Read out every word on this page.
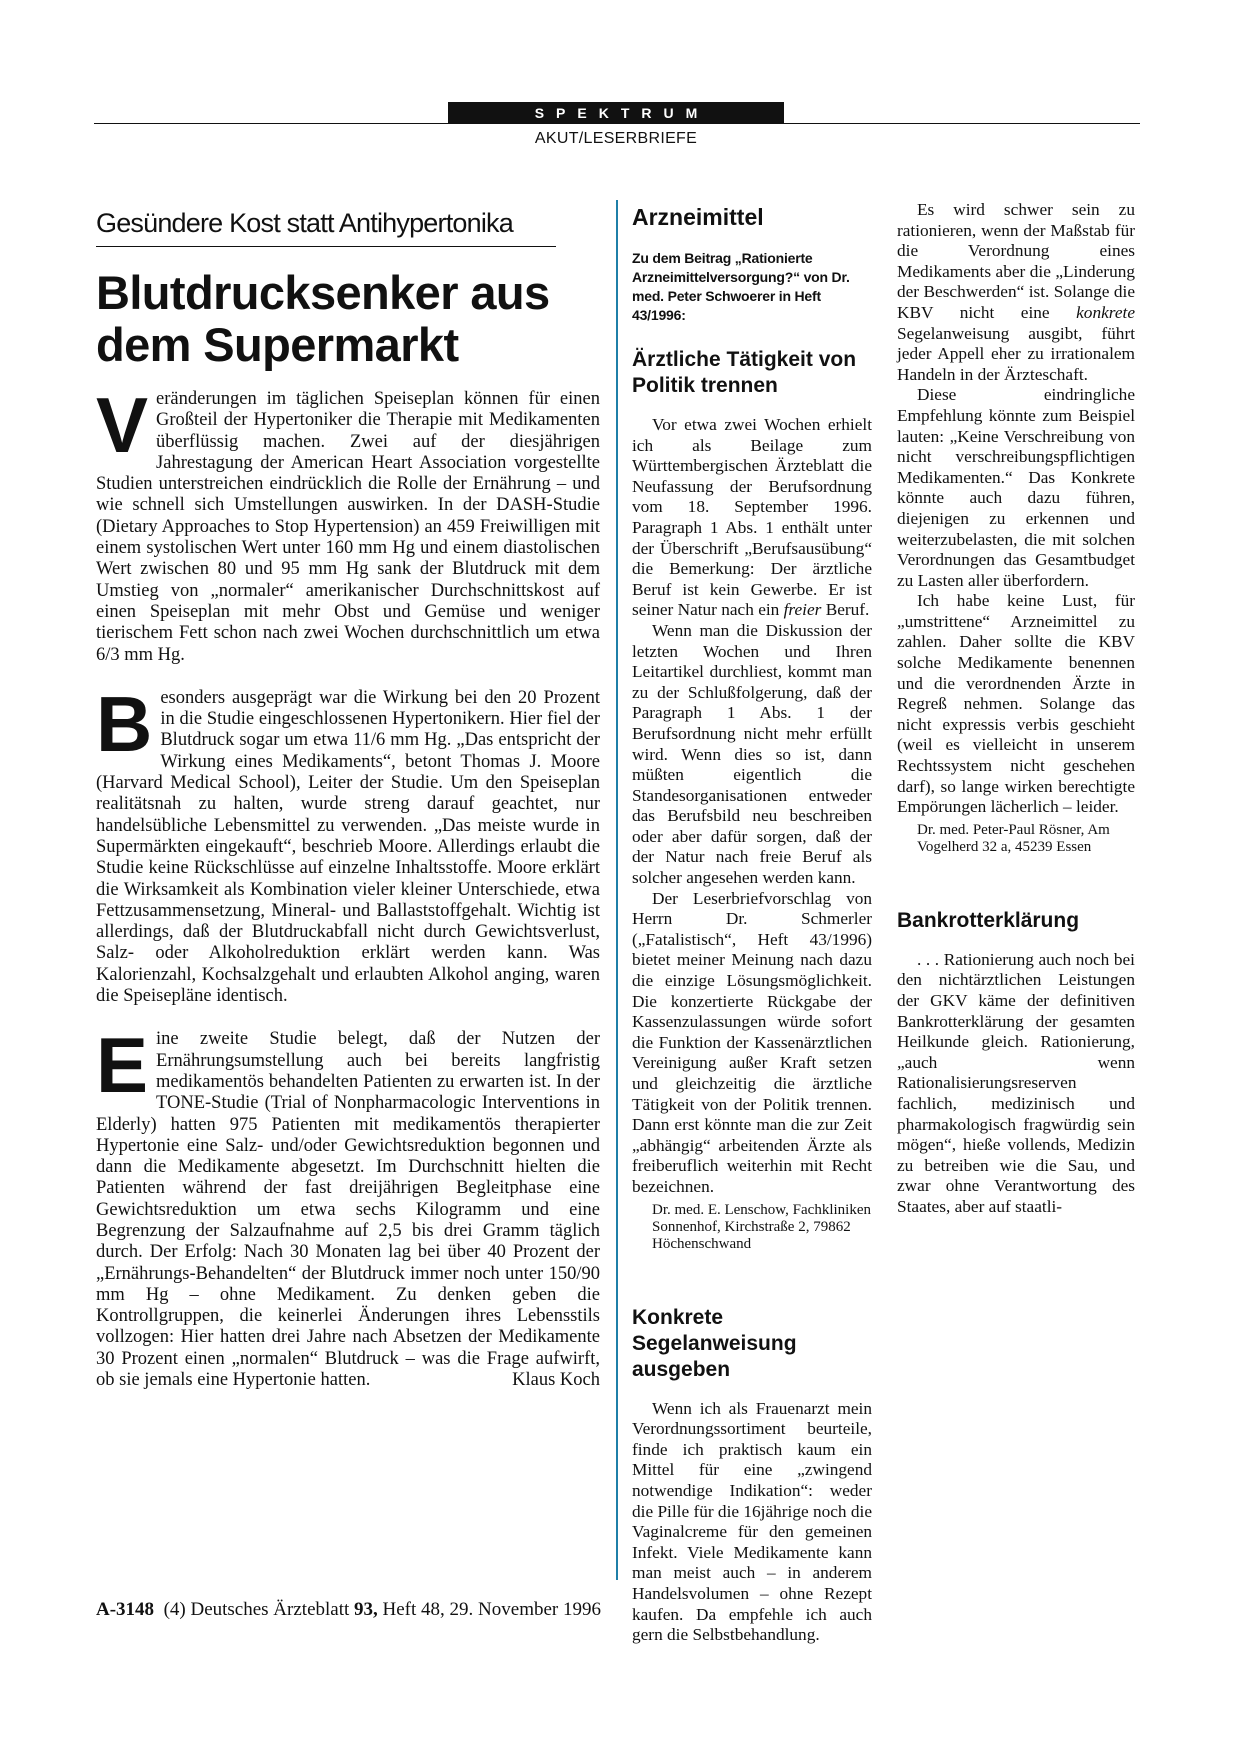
SPEKTRUM
AKUT/LESERBRIEFE
Gesündere Kost statt Antihypertonika
Blutdrucksenker aus dem Supermarkt
V eränderungen im täglichen Speiseplan können für einen Großteil der Hypertoniker die Therapie mit Medikamenten überflüssig machen. Zwei auf der diesjährigen Jahrestagung der American Heart Association vorgestellte Studien unterstreichen eindrücklich die Rolle der Ernährung – und wie schnell sich Umstellungen auswirken. In der DASH-Studie (Dietary Approaches to Stop Hypertension) an 459 Freiwilligen mit einem systolischen Wert unter 160 mm Hg und einem diastolischen Wert zwischen 80 und 95 mm Hg sank der Blutdruck mit dem Umstieg von „normaler“ amerikanischer Durchschnittskost auf einen Speiseplan mit mehr Obst und Gemüse und weniger tierischem Fett schon nach zwei Wochen durchschnittlich um etwa 6/3 mm Hg.

B esonders ausgeprägt war die Wirkung bei den 20 Prozent in die Studie eingeschlossenen Hypertonikern. Hier fiel der Blutdruck sogar um etwa 11/6 mm Hg. „Das entspricht der Wirkung eines Medikaments“, betont Thomas J. Moore (Harvard Medical School), Leiter der Studie. Um den Speiseplan realitätsnah zu halten, wurde streng darauf geachtet, nur handelsübliche Lebensmittel zu verwenden. „Das meiste wurde in Supermärkten eingekauft“, beschrieb Moore. Allerdings erlaubt die Studie keine Rückschlüsse auf einzelne Inhaltsstoffe. Moore erklärt die Wirksamkeit als Kombination vieler kleiner Unterschiede, etwa Fettzusammensetzung, Mineral- und Ballaststoffgehalt. Wichtig ist allerdings, daß der Blutdruckabfall nicht durch Gewichtsverlust, Salz- oder Alkoholreduktion erklärt werden kann. Was Kalorienzahl, Kochsalzgehalt und erlaubten Alkohol anging, waren die Speisepläne identisch.

E ine zweite Studie belegt, daß der Nutzen der Ernährungsumstellung auch bei bereits langfristig medikamentös behandelten Patienten zu erwarten ist. In der TONE-Studie (Trial of Nonpharmacologic Interventions in Elderly) hatten 975 Patienten mit medikamentös therapierter Hypertonie eine Salz- und/oder Gewichtsreduktion begonnen und dann die Medikamente abgesetzt. Im Durchschnitt hielten die Patienten während der fast dreijährigen Begleitphase eine Gewichtsreduktion um etwa sechs Kilogramm und eine Begrenzung der Salzaufnahme auf 2,5 bis drei Gramm täglich durch. Der Erfolg: Nach 30 Monaten lag bei über 40 Prozent der „Ernährungs-Behandelten“ der Blutdruck immer noch unter 150/90 mm Hg – ohne Medikament. Zu denken geben die Kontrollgruppen, die keinerlei Änderungen ihres Lebensstils vollzogen: Hier hatten drei Jahre nach Absetzen der Medikamente 30 Prozent einen „normalen“ Blutdruck – was die Frage aufwirft, ob sie jemals eine Hypertonie hatten.	Klaus Koch

Arzneimittel
Zu dem Beitrag „Rationierte Arzneimittelversorgung?“ von Dr. med. Peter Schwoerer in Heft 43/1996:
Ärztliche Tätigkeit von Politik trennen

Vor etwa zwei Wochen erhielt ich als Beilage zum Württembergischen Ärzteblatt die Neufassung der Berufsordnung vom 18. September 1996. Paragraph 1 Abs. 1 enthält unter der Überschrift „Berufsausübung“ die Bemerkung: Der ärztliche Beruf ist kein Gewerbe. Er ist seiner Natur nach ein freier Beruf.

Wenn man die Diskussion der letzten Wochen und Ihren Leitartikel durchliest, kommt man zu der Schlußfolgerung, daß der Paragraph 1 Abs. 1 der Berufsordnung nicht mehr erfüllt wird. Wenn dies so ist, dann müßten eigentlich die Standesorganisationen entweder das Berufsbild neu beschreiben oder aber dafür sorgen, daß der der Natur nach freie Beruf als solcher angesehen werden kann.

Der Leserbriefvorschlag von Herrn Dr. Schmerler („Fatalistisch“, Heft 43/1996) bietet meiner Meinung nach dazu die einzige Lösungsmöglichkeit. Die konzertierte Rückgabe der Kassenzulassungen würde sofort die Funktion der Kassenärztlichen Vereinigung außer Kraft setzen und gleichzeitig die ärztliche Tätigkeit von der Politik trennen. Dann erst könnte man die zur Zeit „abhängig“ arbeitenden Ärzte als freiberuflich weiterhin mit Recht bezeichnen.

Dr. med. E. Lenschow, Fachkliniken Sonnenhof, Kirchstraße 2, 79862 Höchenschwand
Konkrete Segelanweisung ausgeben

Wenn ich als Frauenarzt mein Verordnungssortiment beurteile, finde ich praktisch kaum ein Mittel für eine „zwingend notwendige Indikation“: weder die Pille für die 16jährige noch die Vaginalcreme für den gemeinen Infekt. Viele Medikamente kann man meist auch – in anderem Handelsvolumen – ohne Rezept kaufen. Da empfehle ich auch gern die Selbstbehandlung.

Es wird schwer sein zu rationieren, wenn der Maßstab für die Verordnung eines Medikaments aber die „Linderung der Beschwerden“ ist. Solange die KBV nicht eine konkrete Segelanweisung ausgibt, führt jeder Appell eher zu irrationalem Handeln in der Ärzteschaft.

Diese eindringliche Empfehlung könnte zum Beispiel lauten: „Keine Verschreibung von nicht verschreibungspflichtigen Medikamenten.“ Das Konkrete könnte auch dazu führen, diejenigen zu erkennen und weiterzubelasten, die mit solchen Verordnungen das Gesamtbudget zu Lasten aller überfordern.

Ich habe keine Lust, für „umstrittene“ Arzneimittel zu zahlen. Daher sollte die KBV solche Medikamente benennen und die verordnenden Ärzte in Regreß nehmen. Solange das nicht expressis verbis geschieht (weil es vielleicht in unserem Rechtssystem nicht geschehen darf), so lange wirken berechtigte Empörungen lächerlich – leider.

Dr. med. Peter-Paul Rösner, Am Vogelherd 32 a, 45239 Essen
Bankrotterklärung

. . . Rationierung auch noch bei den nichtärztlichen Leistungen der GKV käme der definitiven Bankrotterklärung der gesamten Heilkunde gleich. Rationierung, „auch wenn Rationalisierungsreserven fachlich, medizinisch und pharmakologisch fragwürdig sein mögen“, hieße vollends, Medizin zu betreiben wie die Sau, und zwar ohne Verantwortung des Staates, aber auf staatli-

A-3148 (4) Deutsches Ärzteblatt 93, Heft 48, 29. November 1996
